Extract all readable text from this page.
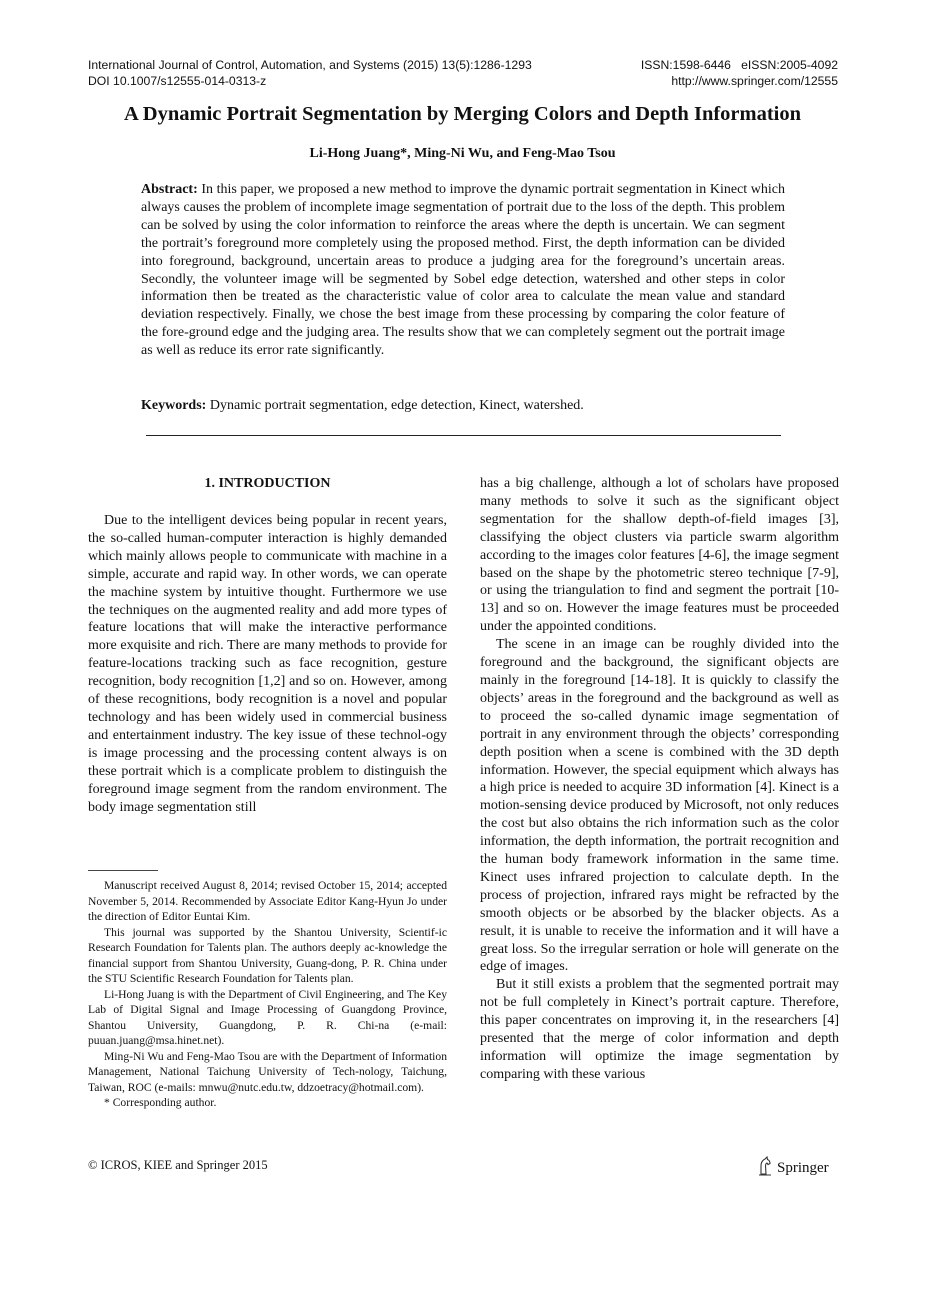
International Journal of Control, Automation, and Systems (2015) 13(5):1286-1293	ISSN:1598-6446   eISSN:2005-4092
DOI 10.1007/s12555-014-0313-z	http://www.springer.com/12555
A Dynamic Portrait Segmentation by Merging Colors and Depth Information
Li-Hong Juang*, Ming-Ni Wu, and Feng-Mao Tsou
Abstract: In this paper, we proposed a new method to improve the dynamic portrait segmentation in Kinect which always causes the problem of incomplete image segmentation of portrait due to the loss of the depth. This problem can be solved by using the color information to reinforce the areas where the depth is uncertain. We can segment the portrait’s foreground more completely using the proposed method. First, the depth information can be divided into foreground, background, uncertain areas to produce a judging area for the foreground’s uncertain areas. Secondly, the volunteer image will be segmented by Sobel edge detection, watershed and other steps in color information then be treated as the characteristic value of color area to calculate the mean value and standard deviation respectively. Finally, we chose the best image from these processing by comparing the color feature of the fore-ground edge and the judging area. The results show that we can completely segment out the portrait image as well as reduce its error rate significantly.
Keywords: Dynamic portrait segmentation, edge detection, Kinect, watershed.
1. INTRODUCTION

Due to the intelligent devices being popular in recent years, the so-called human-computer interaction is highly demanded which mainly allows people to communicate with machine in a simple, accurate and rapid way. In other words, we can operate the machine system by intuitive thought. Furthermore we use the techniques on the augmented reality and add more types of feature locations that will make the interactive performance more exquisite and rich. There are many methods to provide for feature-locations tracking such as face recognition, gesture recognition, body recognition [1,2] and so on. However, among of these recognitions, body recognition is a novel and popular technology and has been widely used in commercial business and entertainment industry. The key issue of these technol-ogy is image processing and the processing content always is on these portrait which is a complicate problem to distinguish the foreground image segment from the random environment. The body image segmentation still

has a big challenge, although a lot of scholars have proposed many methods to solve it such as the significant object segmentation for the shallow depth-of-field images [3], classifying the object clusters via particle swarm algorithm according to the images color features [4-6], the image segment based on the shape by the photometric stereo technique [7-9], or using the triangulation to find and segment the portrait [10-13] and so on. However the image features must be proceeded under the appointed conditions.

The scene in an image can be roughly divided into the foreground and the background, the significant objects are mainly in the foreground [14-18]. It is quickly to classify the objects’ areas in the foreground and the background as well as to proceed the so-called dynamic image segmentation of portrait in any environment through the objects’ corresponding depth position when a scene is combined with the 3D depth information. However, the special equipment which always has a high price is needed to acquire 3D information [4]. Kinect is a motion-sensing device produced by Microsoft, not only reduces the cost but also obtains the rich information such as the color information, the depth information, the portrait recognition and the human body framework information in the same time. Kinect uses infrared projection to calculate depth. In the process of projection, infrared rays might be refracted by the smooth objects or be absorbed by the blacker objects. As a result, it is unable to receive the information and it will have a great loss. So the irregular serration or hole will generate on the edge of images.

But it still exists a problem that the segmented portrait may not be full completely in Kinect’s portrait capture. Therefore, this paper concentrates on improving it, in the researchers [4] presented that the merge of color information and depth information will optimize the image segmentation by comparing with these various

Manuscript received August 8, 2014; revised October 15, 2014; accepted November 5, 2014. Recommended by Associate Editor Kang-Hyun Jo under the direction of Editor Euntai Kim.

This journal was supported by the Shantou University, Scientif-ic Research Foundation for Talents plan. The authors deeply ac-knowledge the financial support from Shantou University, Guang-dong, P. R. China under the STU Scientific Research Foundation for Talents plan.

Li-Hong Juang is with the Department of Civil Engineering, and The Key Lab of Digital Signal and Image Processing of Guangdong Province, Shantou University, Guangdong, P. R. Chi-na (e-mail: puuan.juang@msa.hinet.net).

Ming-Ni Wu and Feng-Mao Tsou are with the Department of Information Management, National Taichung University of Tech-nology, Taichung, Taiwan, ROC (e-mails: mnwu@nutc.edu.tw, ddzoetracy@hotmail.com).

* Corresponding author.

© ICROS, KIEE and Springer 2015	Springer
